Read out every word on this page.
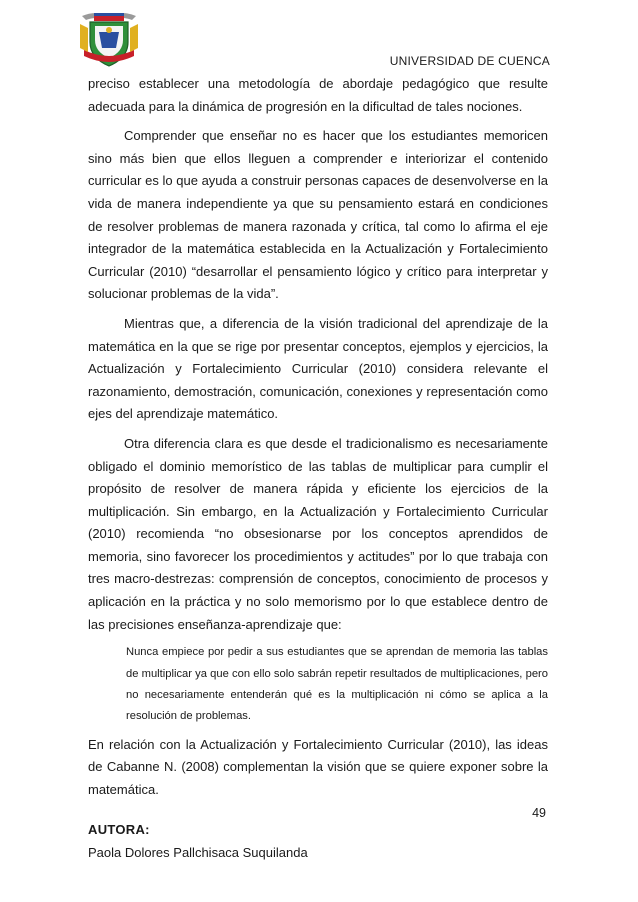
UNIVERSIDAD DE CUENCA

preciso establecer una metodología de abordaje pedagógico que resulte adecuada para la dinámica de progresión en la dificultad de tales nociones.

Comprender que enseñar no es hacer que los estudiantes memoricen sino más bien que ellos lleguen a comprender e interiorizar el contenido curricular es lo que ayuda a construir personas capaces de desenvolverse en la vida de manera independiente ya que su pensamiento estará en condiciones de resolver problemas de manera razonada y crítica, tal como lo afirma el eje integrador de la matemática establecida en la Actualización y Fortalecimiento Curricular (2010) “desarrollar el pensamiento lógico y crítico para interpretar y solucionar problemas de la vida”.

Mientras que, a diferencia de la visión tradicional del aprendizaje de la matemática en la que se rige por presentar conceptos, ejemplos y ejercicios, la Actualización y Fortalecimiento Curricular (2010) considera relevante el razonamiento, demostración, comunicación, conexiones y representación como ejes del aprendizaje matemático.

Otra diferencia clara es que desde el tradicionalismo es necesariamente obligado el dominio memorístico de las tablas de multiplicar para cumplir el propósito de resolver de manera rápida y eficiente los ejercicios de la multiplicación. Sin embargo, en la Actualización y Fortalecimiento Curricular (2010) recomienda “no obsesionarse por los conceptos aprendidos de memoria, sino favorecer los procedimientos y actitudes” por lo que trabaja con tres macro-destrezas: comprensión de conceptos, conocimiento de procesos y aplicación en la práctica y no solo memorismo por lo que establece dentro de las precisiones enseñanza-aprendizaje que:

Nunca empiece por pedir a sus estudiantes que se aprendan de memoria las tablas de multiplicar ya que con ello solo sabrán repetir resultados de multiplicaciones, pero no necesariamente entenderán qué es la multiplicación ni cómo se aplica a la resolución de problemas.

En relación con la Actualización y Fortalecimiento Curricular (2010), las ideas de Cabanne N. (2008) complementan la visión que se quiere exponer sobre la matemática.

49
AUTORA:
Paola Dolores Pallchisaca Suquilanda
